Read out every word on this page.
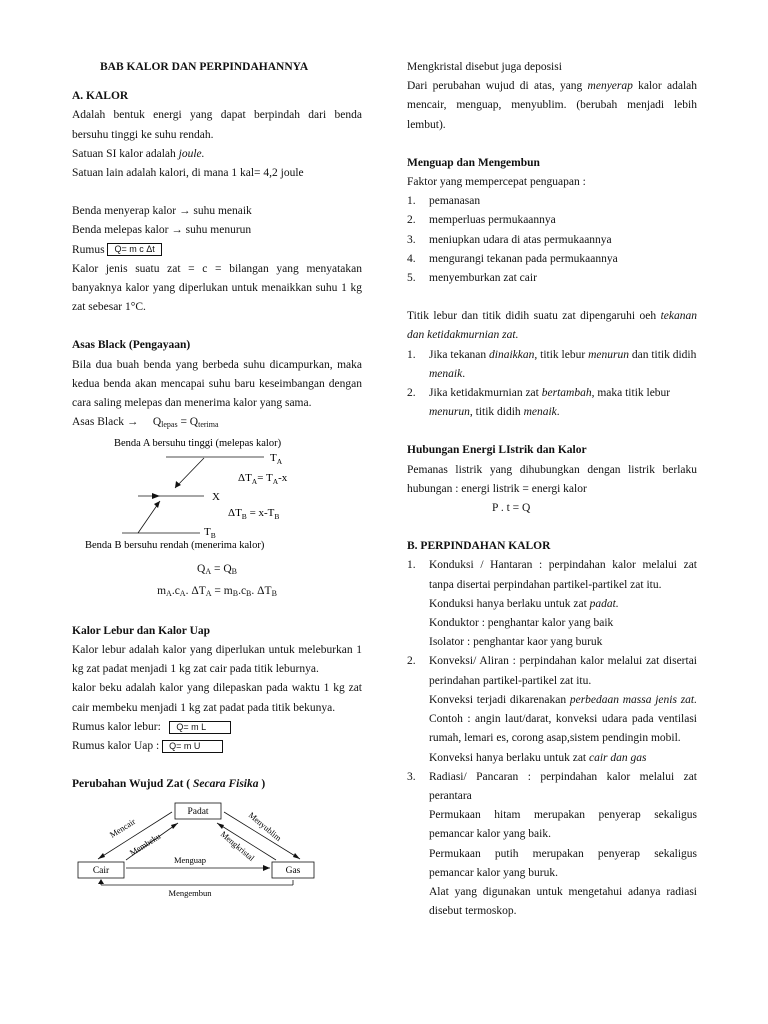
BAB KALOR DAN PERPINDAHANNYA

A. KALOR

Adalah bentuk energi yang dapat berpindah dari benda bersuhu tinggi ke suhu rendah.

Satuan SI kalor adalah joule.

Satuan lain adalah kalori, di mana 1 kal= 4,2 joule

Benda menyerap kalor → suhu menaik

Benda melepas kalor → suhu menurun

Rumus Q= m c Δt

Kalor jenis suatu zat = c = bilangan yang menyatakan banyaknya kalor yang diperlukan untuk menaikkan suhu 1 kg zat sebesar 1°C.

Asas Black (Pengayaan)

Bila dua buah benda yang berbeda suhu dicampurkan, maka kedua benda akan mencapai suhu baru keseimbangan dengan cara saling melepas dan menerima kalor yang sama.

Asas Black → $Q_{lepas} = Q_{terima}$

Benda A bersuhu tinggi (melepas kalor)
$T_A$
$\Delta T_A= T_A-x$
X
$\Delta T_B = x-T_B$
$T_B$
Benda B bersuhu rendah (menerima kalor)

$Q_A = Q_B$

$m_A.c_A$. $\Delta T_A = m_B.c_B$. $\Delta T_B$

Kalor Lebur dan Kalor Uap

Kalor lebur adalah kalor yang diperlukan untuk meleburkan 1 kg zat padat menjadi 1 kg zat cair pada titik leburnya.

kalor beku adalah kalor yang dilepaskan pada waktu 1 kg zat cair membeku menjadi 1 kg zat padat pada titik bekunya.

Rumus kalor lebur: Q= m L

Rumus kalor Uap : Q= m U

Perubahan Wujud Zat ( Secara Fisika )

Padat
Cair	Gas
Mencair
Membeku
Menyublim
Mengkristal
Menguap
Mengembun

Mengkristal disebut juga deposisi

Dari perubahan wujud di atas, yang menyerap kalor adalah mencair, menguap, menyublim. (berubah menjadi lebih lembut).

Menguap dan Mengembun

Faktor yang mempercepat penguapan :

1. pemanasan
2. memperluas permukaannya
3. meniupkan udara di atas permukaannya
4. mengurangi tekanan pada permukaannya
5. menyemburkan zat cair

Titik lebur dan titik didih suatu zat dipengaruhi oeh tekanan dan ketidakmurnian zat.

1. Jika tekanan dinaikkan, titik lebur menurun dan titik didih menaik.
2. Jika ketidakmurnian zat bertambah, maka titik lebur menurun, titik didih menaik.

Hubungan Energi LIstrik dan Kalor

Pemanas listrik yang dihubungkan dengan listrik berlaku hubungan : energi listrik = energi kalor

P . t = Q

B. PERPINDAHAN KALOR

1. Konduksi / Hantaran : perpindahan kalor melalui zat tanpa disertai perpindahan partikel-partikel zat itu.

Konduksi hanya berlaku untuk zat padat.

Konduktor : penghantar kalor yang baik

Isolator : penghantar kaor yang buruk

2. Konveksi/ Aliran : perpindahan kalor melalui zat disertai perindahan partikel-partikel zat itu.

Konveksi terjadi dikarenakan perbedaan massa jenis zat. Contoh : angin laut/darat, konveksi udara pada ventilasi rumah, lemari es, corong asap,sistem pendingin mobil.

Konveksi hanya berlaku untuk zat cair dan gas

3. Radiasi/ Pancaran : perpindahan kalor melalui zat perantara

Permukaan hitam merupakan penyerap sekaligus pemancar kalor yang baik.

Permukaan putih merupakan penyerap sekaligus pemancar kalor yang buruk.

Alat yang digunakan untuk mengetahui adanya radiasi disebut termoskop.
